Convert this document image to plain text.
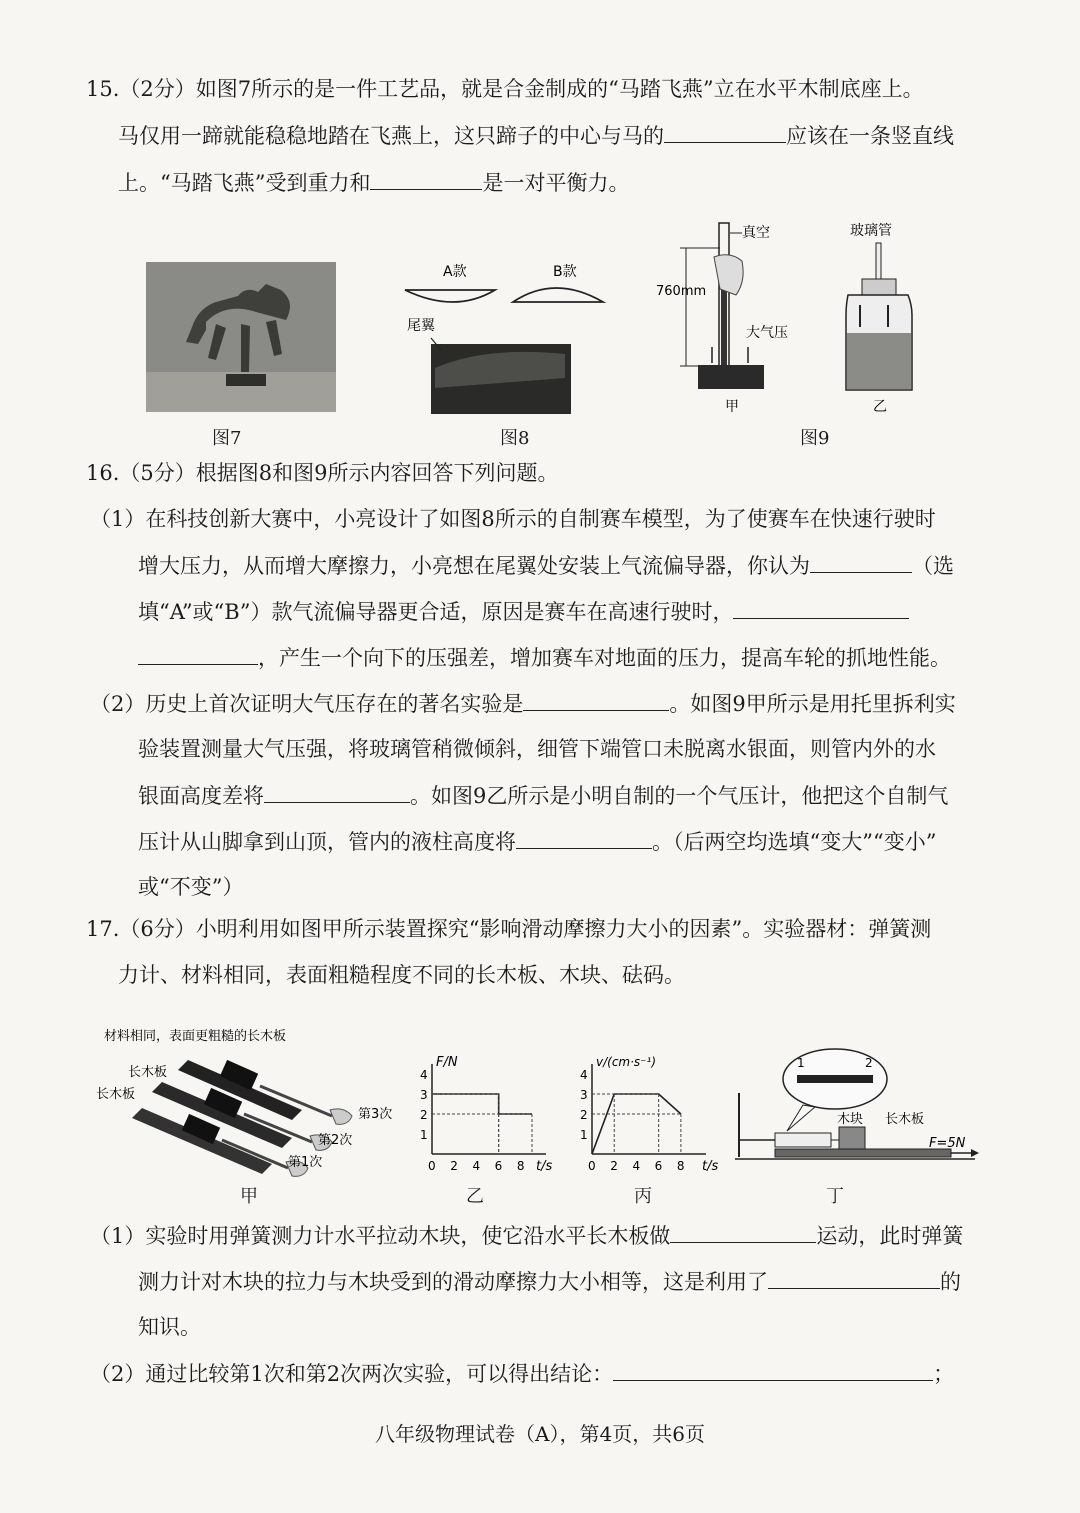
15.（2分）如图7所示的是一件工艺品，就是合金制成的“马踏飞燕”立在水平木制底座上。
马仅用一蹄就能稳稳地踏在飞燕上，这只蹄子的中心与马的	应该在一条竖直线
上。“马踏飞燕”受到重力和	是一对平衡力。
图7
A款	B款
尾翼
图8
真空
760mm
大气压
甲
玻璃管
乙
图9
16.（5分）根据图8和图9所示内容回答下列问题。
（1）在科技创新大赛中，小亮设计了如图8所示的自制赛车模型，为了使赛车在快速行驶时
增大压力，从而增大摩擦力，小亮想在尾翼处安装上气流偏导器，你认为	（选
填“A”或“B”）款气流偏导器更合适，原因是赛车在高速行驶时，
，产生一个向下的压强差，增加赛车对地面的压力，提高车轮的抓地性能。
（2）历史上首次证明大气压存在的著名实验是	。如图9甲所示是用托里拆利实
验装置测量大气压强，将玻璃管稍微倾斜，细管下端管口未脱离水银面，则管内外的水
银面高度差将	。如图9乙所示是小明自制的一个气压计，他把这个自制气
压计从山脚拿到山顶，管内的液柱高度将	。（后两空均选填“变大”“变小”
或“不变”）
17.（6分）小明利用如图甲所示装置探究“影响滑动摩擦力大小的因素”。实验器材：弹簧测
力计、材料相同，表面粗糙程度不同的长木板、木块、砝码。
材料相同，表面更粗糙的长木板
长木板
长木板
第3次
第2次
第1次
甲
F/N
t/s
1
2
3
4
0 2 4 6 8
乙
v/(cm·s⁻¹)
t/s
1
2
3
4
0 2 4 6 8
丙
1	2
木块 长木板
F=5N
丁
（1）实验时用弹簧测力计水平拉动木块，使它沿水平长木板做	运动，此时弹簧
测力计对木块的拉力与木块受到的滑动摩擦力大小相等，这是利用了	的
知识。
（2）通过比较第1次和第2次两次实验，可以得出结论：	；
八年级物理试卷（A），第4页，共6页
